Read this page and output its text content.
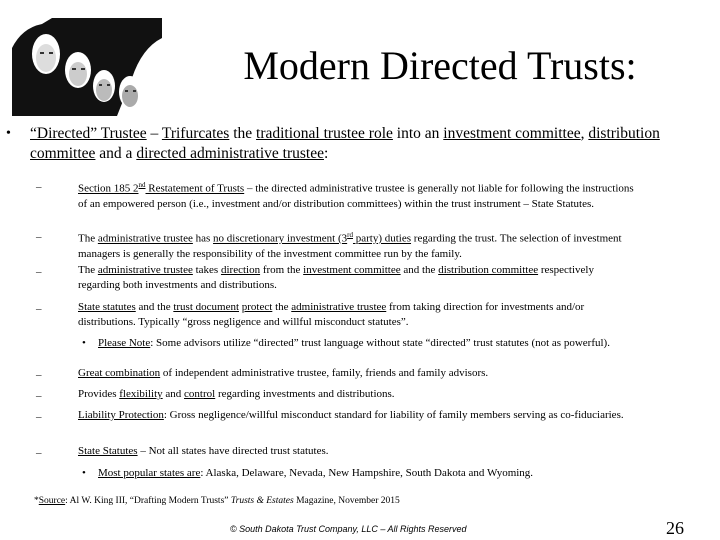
Modern Directed Trusts:
• “Directed” Trustee – Trifurcates the traditional trustee role into an investment committee, distribution committee and a directed administrative trustee:
–	Section 185 2nd Restatement of Trusts – the directed administrative trustee is generally not liable for following the instructions of an empowered person (i.e., investment and/or distribution committees) within the trust instrument – State Statutes.
–	The administrative trustee has no discretionary investment (3rd party) duties regarding the trust. The selection of investment managers is generally the responsibility of the investment committee run by the family.
–	The administrative trustee takes direction from the investment committee and the distribution committee respectively regarding both investments and distributions.
–	State statutes and the trust document protect the administrative trustee from taking direction for investments and/or distributions. Typically “gross negligence and willful misconduct statutes”.
• Please Note: Some advisors utilize “directed” trust language without state “directed” trust statutes (not as powerful).
–	Great combination of independent administrative trustee, family, friends and family advisors.
–	Provides flexibility and control regarding investments and distributions.
–	Liability Protection: Gross negligence/willful misconduct standard for liability of family members serving as co-fiduciaries.
–	State Statutes – Not all states have directed trust statutes.
• Most popular states are: Alaska, Delaware, Nevada, New Hampshire, South Dakota and Wyoming.
*Source: Al W. King III, “Drafting Modern Trusts” Trusts & Estates Magazine, November 2015
© South Dakota Trust Company, LLC – All Rights Reserved	26
